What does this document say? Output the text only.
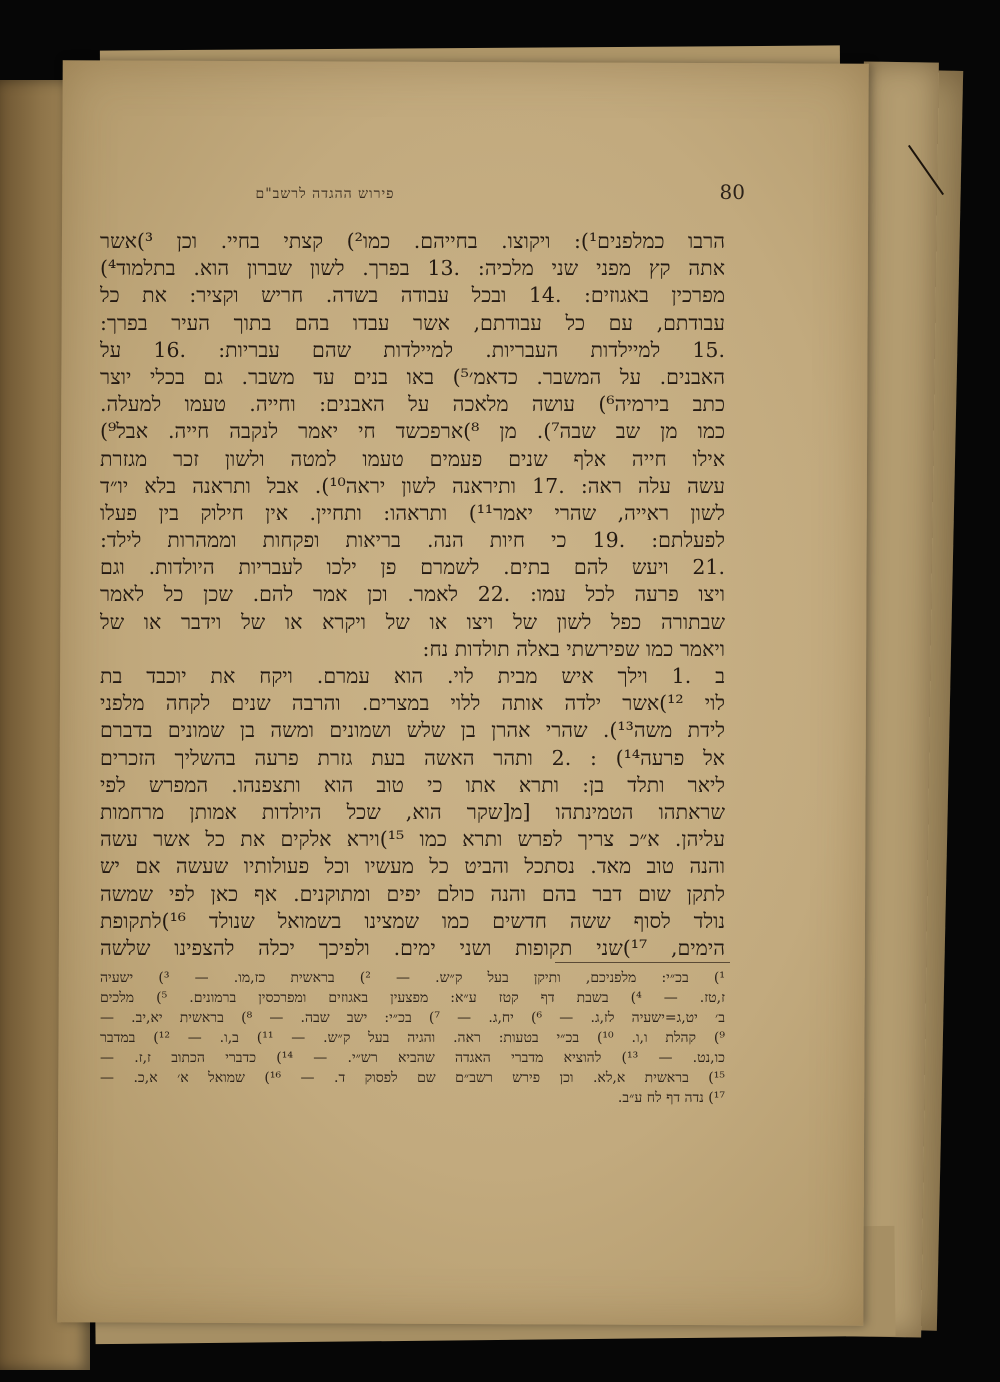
פירוש ההגדה לרשב"ם	80
הרבו כמלפנים¹): ויקוצו. בחייהם. כמו²) קצתי בחיי. וכן ³)אשר
אתה קץ מפני שני מלכיה: .13 בפרך. לשון שברון הוא. בתלמוד⁴)
מפרכין באגוזים: .14 ובכל עבודה בשדה. חריש וקציר: את כל
עבודתם, עם כל עבודתם, אשר עבדו בהם בתוך העיר בפרך:
.15 למיילדות העבריות. למיילדות שהם עבריות: .16 על
האבנים. על המשבר. כדאמ׳⁵) באו בנים עד משבר. גם בכלי יוצר
כתב בירמיה⁶) עושה מלאכה על האבנים: וחייה. טעמו למעלה.
כמו מן שב שבה⁷). מן ⁸)ארפכשד חי יאמר לנקבה חייה. אבל⁹)
אילו חייה אלף שנים פעמים טעמו למטה ולשון זכר מגזרת
עשה עלה ראה: .17 ותיראנה לשון יראה¹⁰). אבל ותראנה בלא יו״ד
לשון ראייה, שהרי יאמר¹¹) ותראהו: ותחיין. אין חילוק בין פעלו
לפעלתם: .19 כי חיות הנה. בריאות ופקחות וממהרות לילד:
.21 ויעש להם בתים. לשמרם פן ילכו לעבריות היולדות. וגם
ויצו פרעה לכל עמו: .22 לאמר. וכן אמר להם. שכן כל לאמר
שבתורה כפל לשון של ויצו או של ויקרא או של וידבר או של
ויאמר כמו שפירשתי באלה תולדות נח:
ב .1 וילך איש מבית לוי. הוא עמרם. ויקח את יוכבד בת
לוי ¹²)אשר ילדה אותה ללוי במצרים. והרבה שנים לקחה מלפני
לידת משה¹³). שהרי אהרן בן שלש ושמונים ומשה בן שמונים בדברם
אל פרעה¹⁴) : .2 ותהר האשה בעת גזרת פרעה בהשליך הזכרים
ליאר ותלד בן: ותרא אתו כי טוב הוא ותצפנהו. המפרש לפי
שראתהו הטמינתהו [מ[שקר הוא, שכל היולדות אמותן מרחמות
עליהן. א״כ צריך לפרש ותרא כמו ¹⁵)וירא אלקים את כל אשר עשה
והנה טוב מאד. נסתכל והביט כל מעשיו וכל פעולותיו שעשה אם יש
לתקן שום דבר בהם והנה כולם יפים ומתוקנים. אף כאן לפי שמשה
נולד לסוף ששה חדשים כמו שמצינו בשמואל שנולד ¹⁶)לתקופת
הימים, ¹⁷)שני תקופות ושני ימים. ולפיכך יכלה להצפינו שלשה
¹) בכ״י: מלפניכם, ותיקן בעל ק״ש. — ²) בראשית כז,מו. — ³) ישעיה
ז,טז. — ⁴) בשבת דף קטז ע״א: מפצעין באגוזים ומפרכסין ברמונים. ⁵) מלכים
ב׳ יט,ג=ישעיה לז,ג. — ⁶) יח,ג. — ⁷) בכ״י: ישב שבה. — ⁸) בראשית יא,יב. —
⁹) קהלת ו,ו. ¹⁰) בכ״י בטעות: ראה. והגיה בעל ק״ש. — ¹¹) ב,ו. — ¹²) במדבר
כו,נט. — ¹³) להוציא מדברי האגדה שהביא רש״י. — ¹⁴) כדברי הכתוב ז,ז. —
¹⁵) בראשית א,לא. וכן פירש רשב״ם שם לפסוק ד. — ¹⁶) שמואל א׳ א,כ. —
¹⁷) נדה דף לח ע״ב.
